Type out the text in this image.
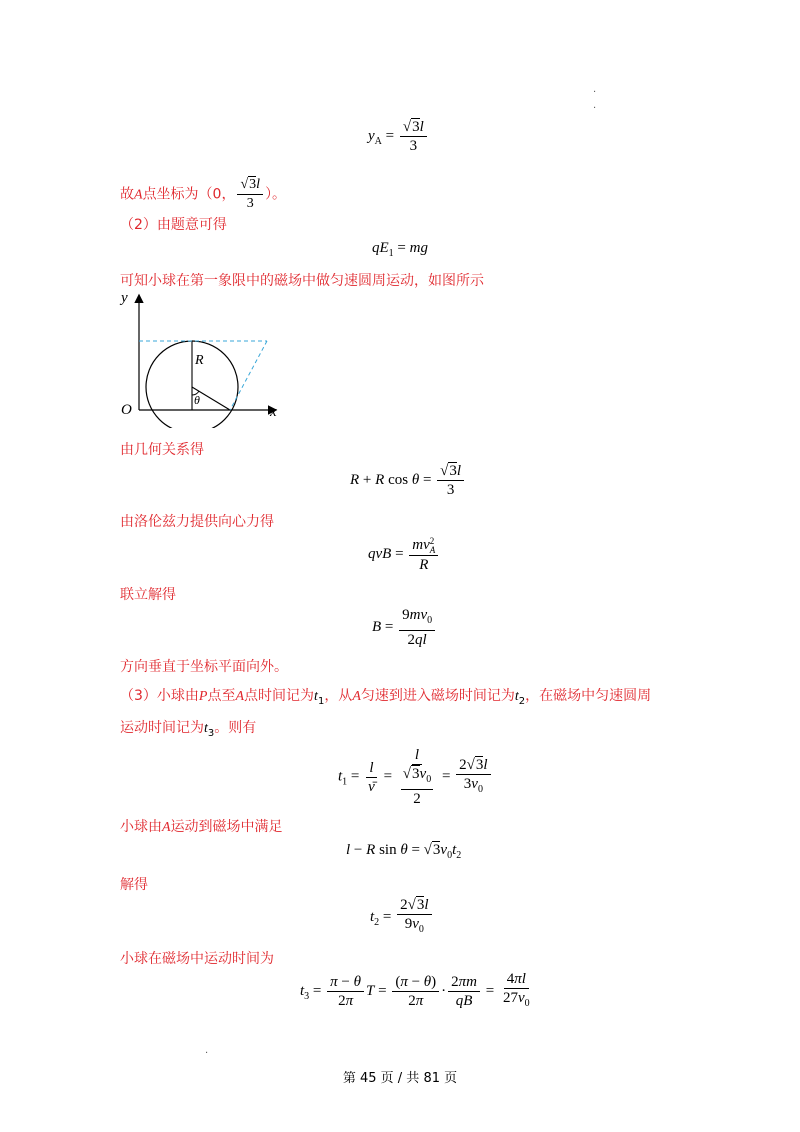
.
.
.
$y_A = \frac{√3l}{3}$
故A点坐标为（0， $\frac{√3l}{3}$ ）。
（2）由题意可得
$qE_1$ = mg
可知小球在第一象限中的磁场中做匀速圆周运动，如图所示
y
x
O
R
θ
由几何关系得
R + R $\cos \theta = \frac{√3l}{3}$
由洛伦兹力提供向心力得
qvB = mv 2
A
R
联立解得
$B = \frac{9mv_0}{2ql}$
方向垂直于坐标平面向外。
（3）小球由P点至A点时间记为$t_1$，从A匀速到进入磁场时间记为$t_2$，在磁场中匀速圆周
运动时间记为$t_3$。则有
$t_1 = \frac{l}{v} = l$
$√3v_0$
$2 = \frac{2√3l}{3v_0}$
小球由A运动到磁场中满足
l − R $\sin \theta = √3v_0t_2$
解得
$t_2 = \frac{2√3l}{9v_0}$
小球在磁场中运动时间为
$t_3 = \frac{\pi - \theta}{2\pi}$ $T = \frac{(\pi - \theta)}{2\pi} \cdot \frac{2\pi m}{qB} = \frac{4\pi l}{27v_0}$
第 45 页 / 共 81 页
